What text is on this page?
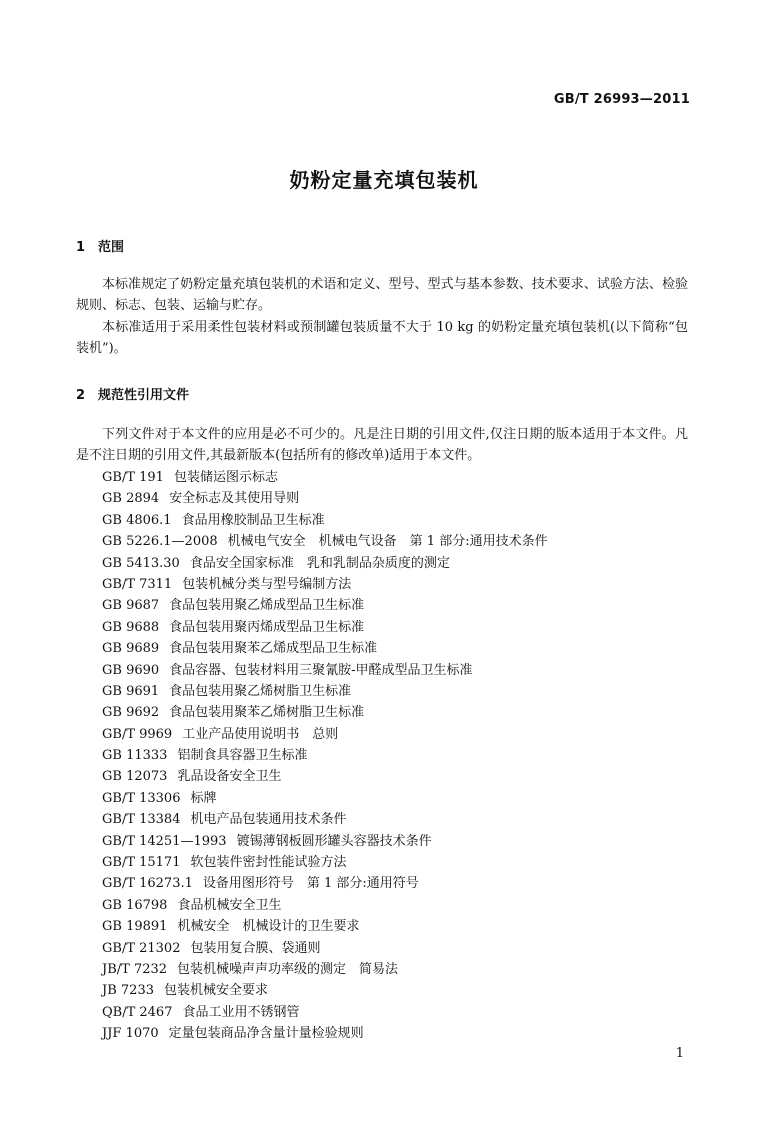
GB/T 26993—2011
奶粉定量充填包装机
1 范围
本标准规定了奶粉定量充填包装机的术语和定义、型号、型式与基本参数、技术要求、试验方法、检验规则、标志、包装、运输与贮存。
本标准适用于采用柔性包装材料或预制罐包装质量不大于 10 kg 的奶粉定量充填包装机(以下简称“包装机”)。
2 规范性引用文件
下列文件对于本文件的应用是必不可少的。凡是注日期的引用文件,仅注日期的版本适用于本文件。凡是不注日期的引用文件,其最新版本(包括所有的修改单)适用于本文件。
GB/T 191 包装储运图示标志
GB 2894 安全标志及其使用导则
GB 4806.1 食品用橡胶制品卫生标准
GB 5226.1—2008 机械电气安全　机械电气设备　第 1 部分:通用技术条件
GB 5413.30 食品安全国家标准　乳和乳制品杂质度的测定
GB/T 7311 包装机械分类与型号编制方法
GB 9687 食品包装用聚乙烯成型品卫生标准
GB 9688 食品包装用聚丙烯成型品卫生标准
GB 9689 食品包装用聚苯乙烯成型品卫生标准
GB 9690 食品容器、包装材料用三聚氰胺-甲醛成型品卫生标准
GB 9691 食品包装用聚乙烯树脂卫生标准
GB 9692 食品包装用聚苯乙烯树脂卫生标准
GB/T 9969 工业产品使用说明书　总则
GB 11333 铝制食具容器卫生标准
GB 12073 乳品设备安全卫生
GB/T 13306 标牌
GB/T 13384 机电产品包装通用技术条件
GB/T 14251—1993 镀锡薄钢板圆形罐头容器技术条件
GB/T 15171 软包装件密封性能试验方法
GB/T 16273.1 设备用图形符号　第 1 部分:通用符号
GB 16798 食品机械安全卫生
GB 19891 机械安全　机械设计的卫生要求
GB/T 21302 包装用复合膜、袋通则
JB/T 7232 包装机械噪声声功率级的测定　简易法
JB 7233 包装机械安全要求
QB/T 2467 食品工业用不锈钢管
JJF 1070 定量包装商品净含量计量检验规则
1
